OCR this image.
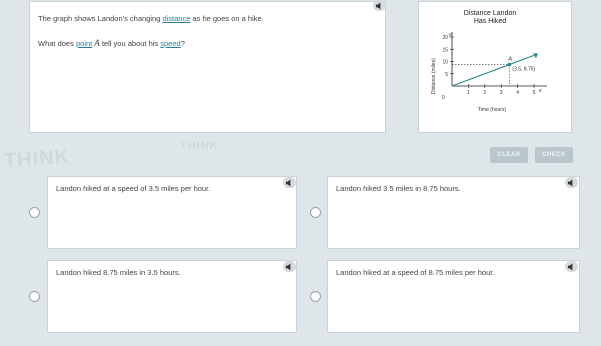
THINK	THINK
The graph shows Landon's changing distance as he goes on a hike.
What does point A tell you about his speed?
Distance Landon
Has Hiked
Distance (miles)
Time (hours)
y
x
0
1	2	3	4	5
5
10
15
20
A
(3.5, 8.75)
CLEAR	CHECK
Landon hiked at a speed of 3.5 miles per hour.	Landon hiked 3.5 miles in 8.75 hours.
Landon hiked 8.75 miles in 3.5 hours.	Landon hiked at a speed of 8.75 miles per hour.
